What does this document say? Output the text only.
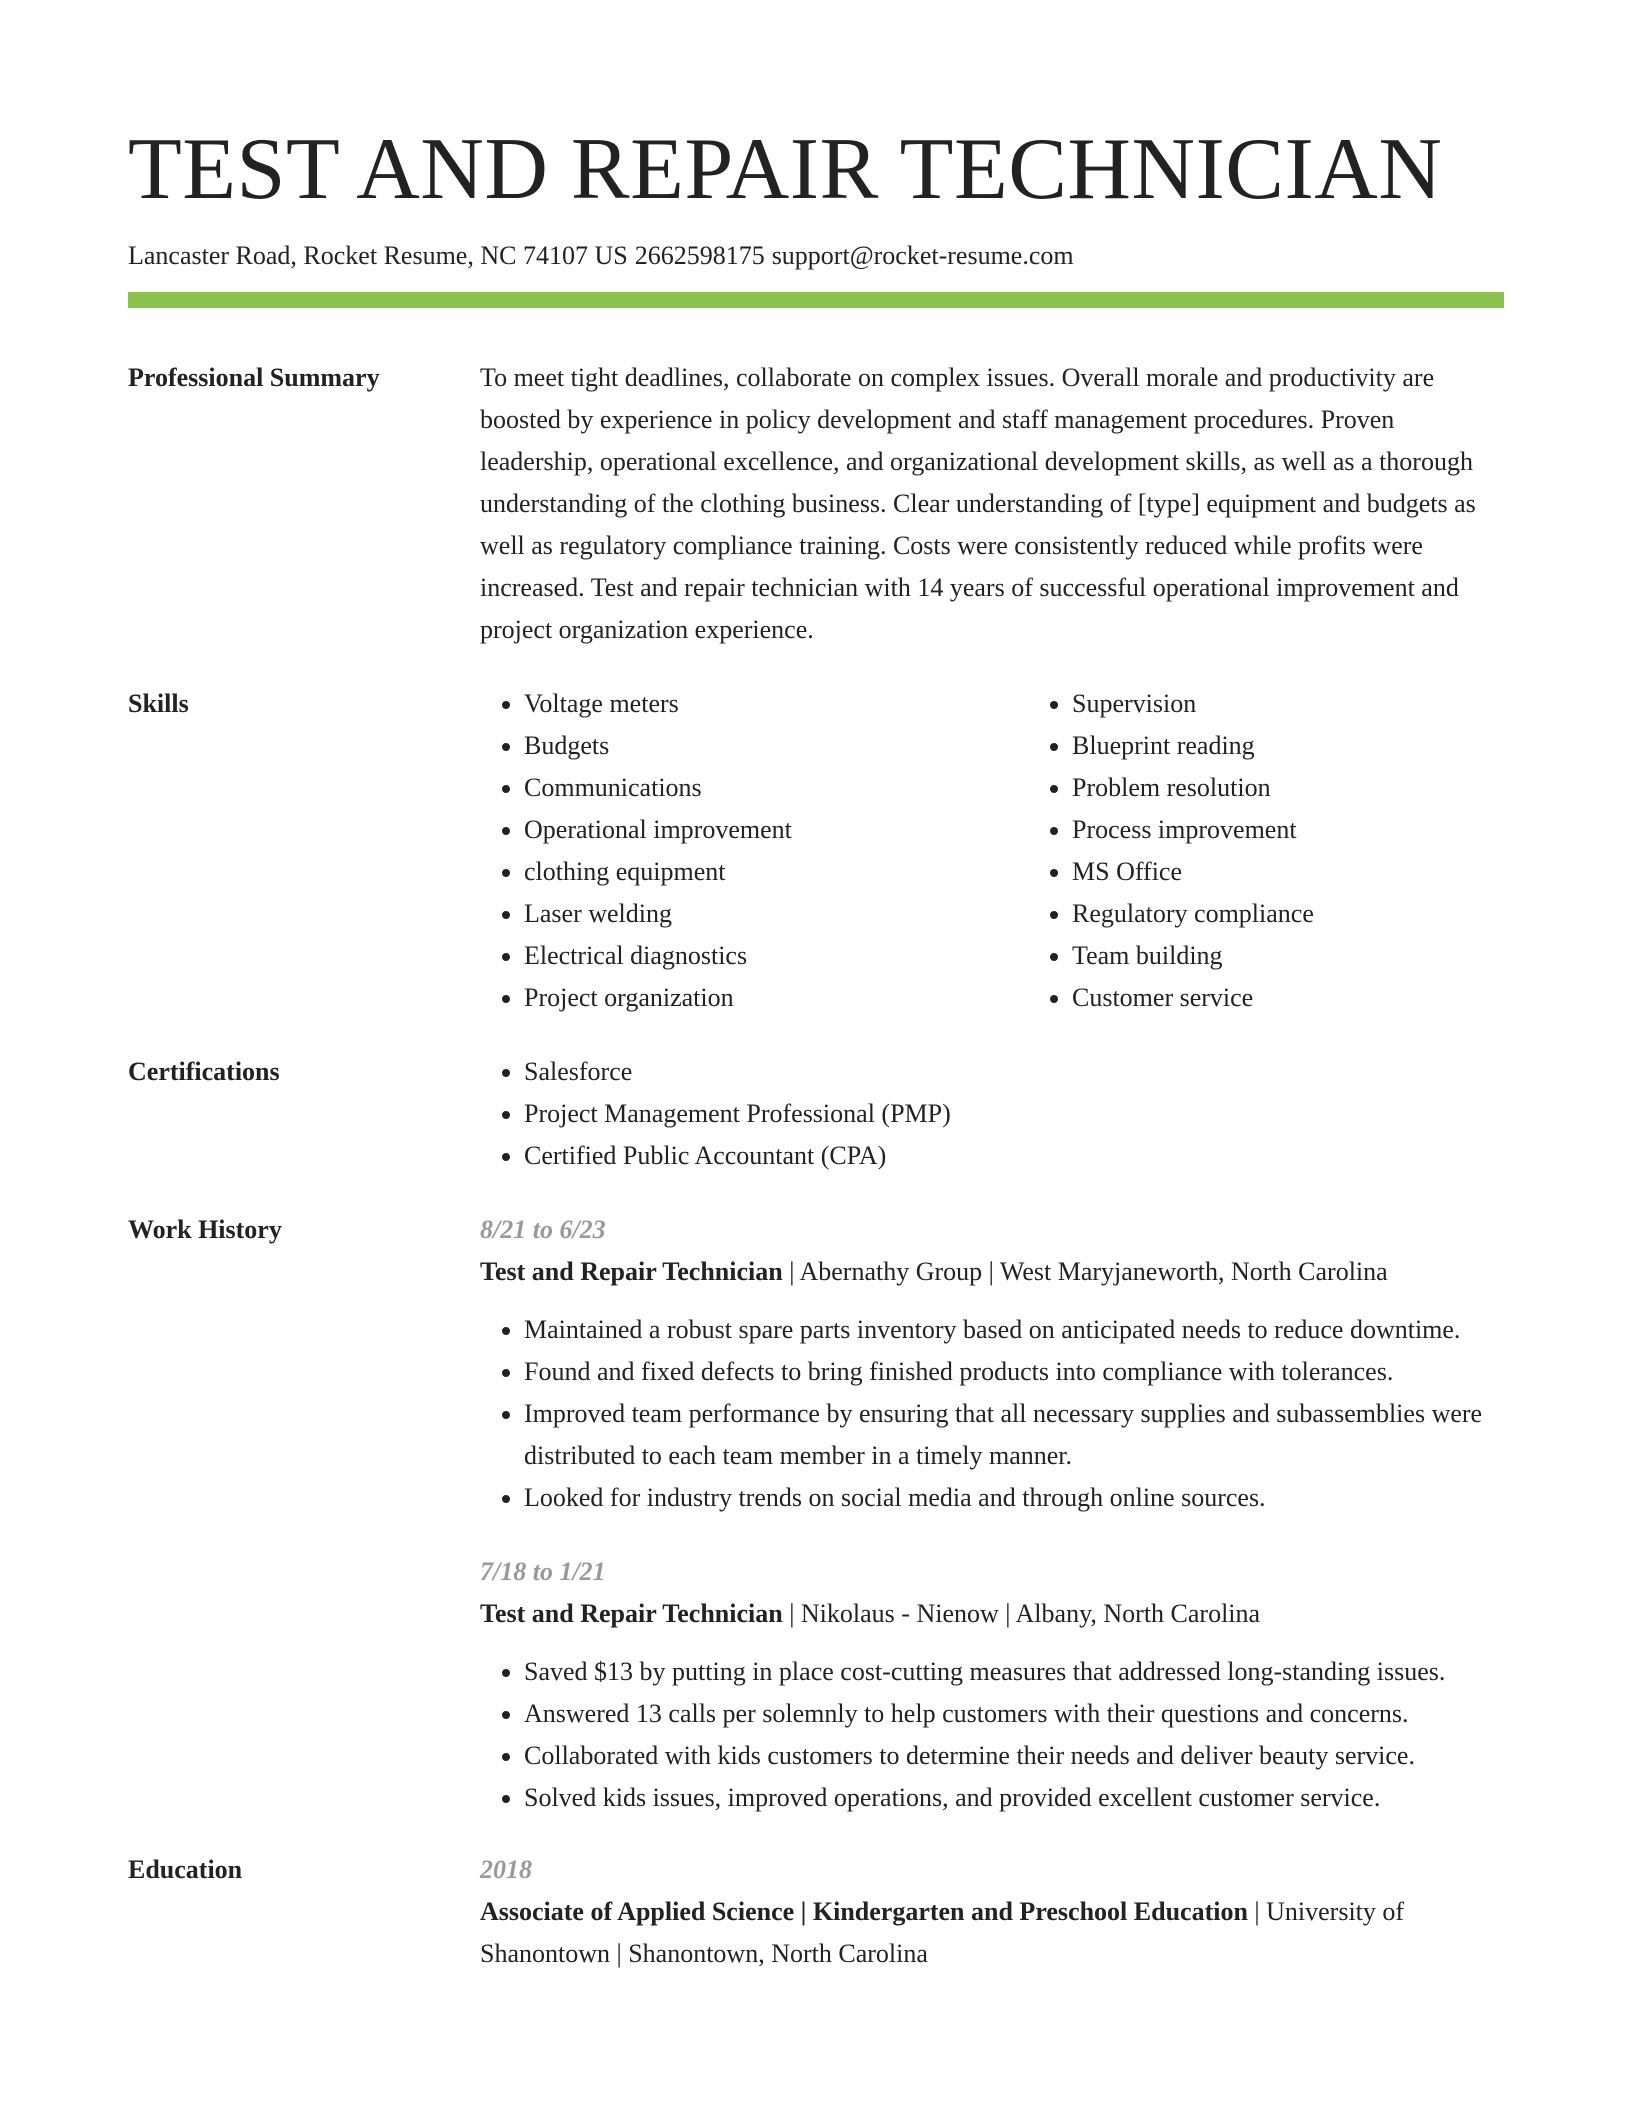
TEST AND REPAIR TECHNICIAN
Lancaster Road, Rocket Resume, NC 74107 US 2662598175 support@rocket-resume.com
Professional Summary	To meet tight deadlines, collaborate on complex issues. Overall morale and productivity are boosted by experience in policy development and staff management procedures. Proven leadership, operational excellence, and organizational development skills, as well as a thorough understanding of the clothing business. Clear understanding of [type] equipment and budgets as well as regulatory compliance training. Costs were consistently reduced while profits were increased. Test and repair technician with 14 years of successful operational improvement and project organization experience.
Skills	• Voltage meters
• Budgets
• Communications
• Operational improvement
• clothing equipment
• Laser welding
• Electrical diagnostics
• Project organization
• Supervision
• Blueprint reading
• Problem resolution
• Process improvement
• MS Office
• Regulatory compliance
• Team building
• Customer service
Certifications	• Salesforce
• Project Management Professional (PMP)
• Certified Public Accountant (CPA)
Work History	8/21 to 6/23
Test and Repair Technician | Abernathy Group | West Maryjaneworth, North Carolina
• Maintained a robust spare parts inventory based on anticipated needs to reduce downtime.
• Found and fixed defects to bring finished products into compliance with tolerances.
• Improved team performance by ensuring that all necessary supplies and subassemblies were distributed to each team member in a timely manner.
• Looked for industry trends on social media and through online sources.
7/18 to 1/21
Test and Repair Technician | Nikolaus - Nienow | Albany, North Carolina
• Saved $13 by putting in place cost-cutting measures that addressed long-standing issues.
• Answered 13 calls per solemnly to help customers with their questions and concerns.
• Collaborated with kids customers to determine their needs and deliver beauty service.
• Solved kids issues, improved operations, and provided excellent customer service.
Education	2018
Associate of Applied Science | Kindergarten and Preschool Education | University of Shanontown | Shanontown, North Carolina
